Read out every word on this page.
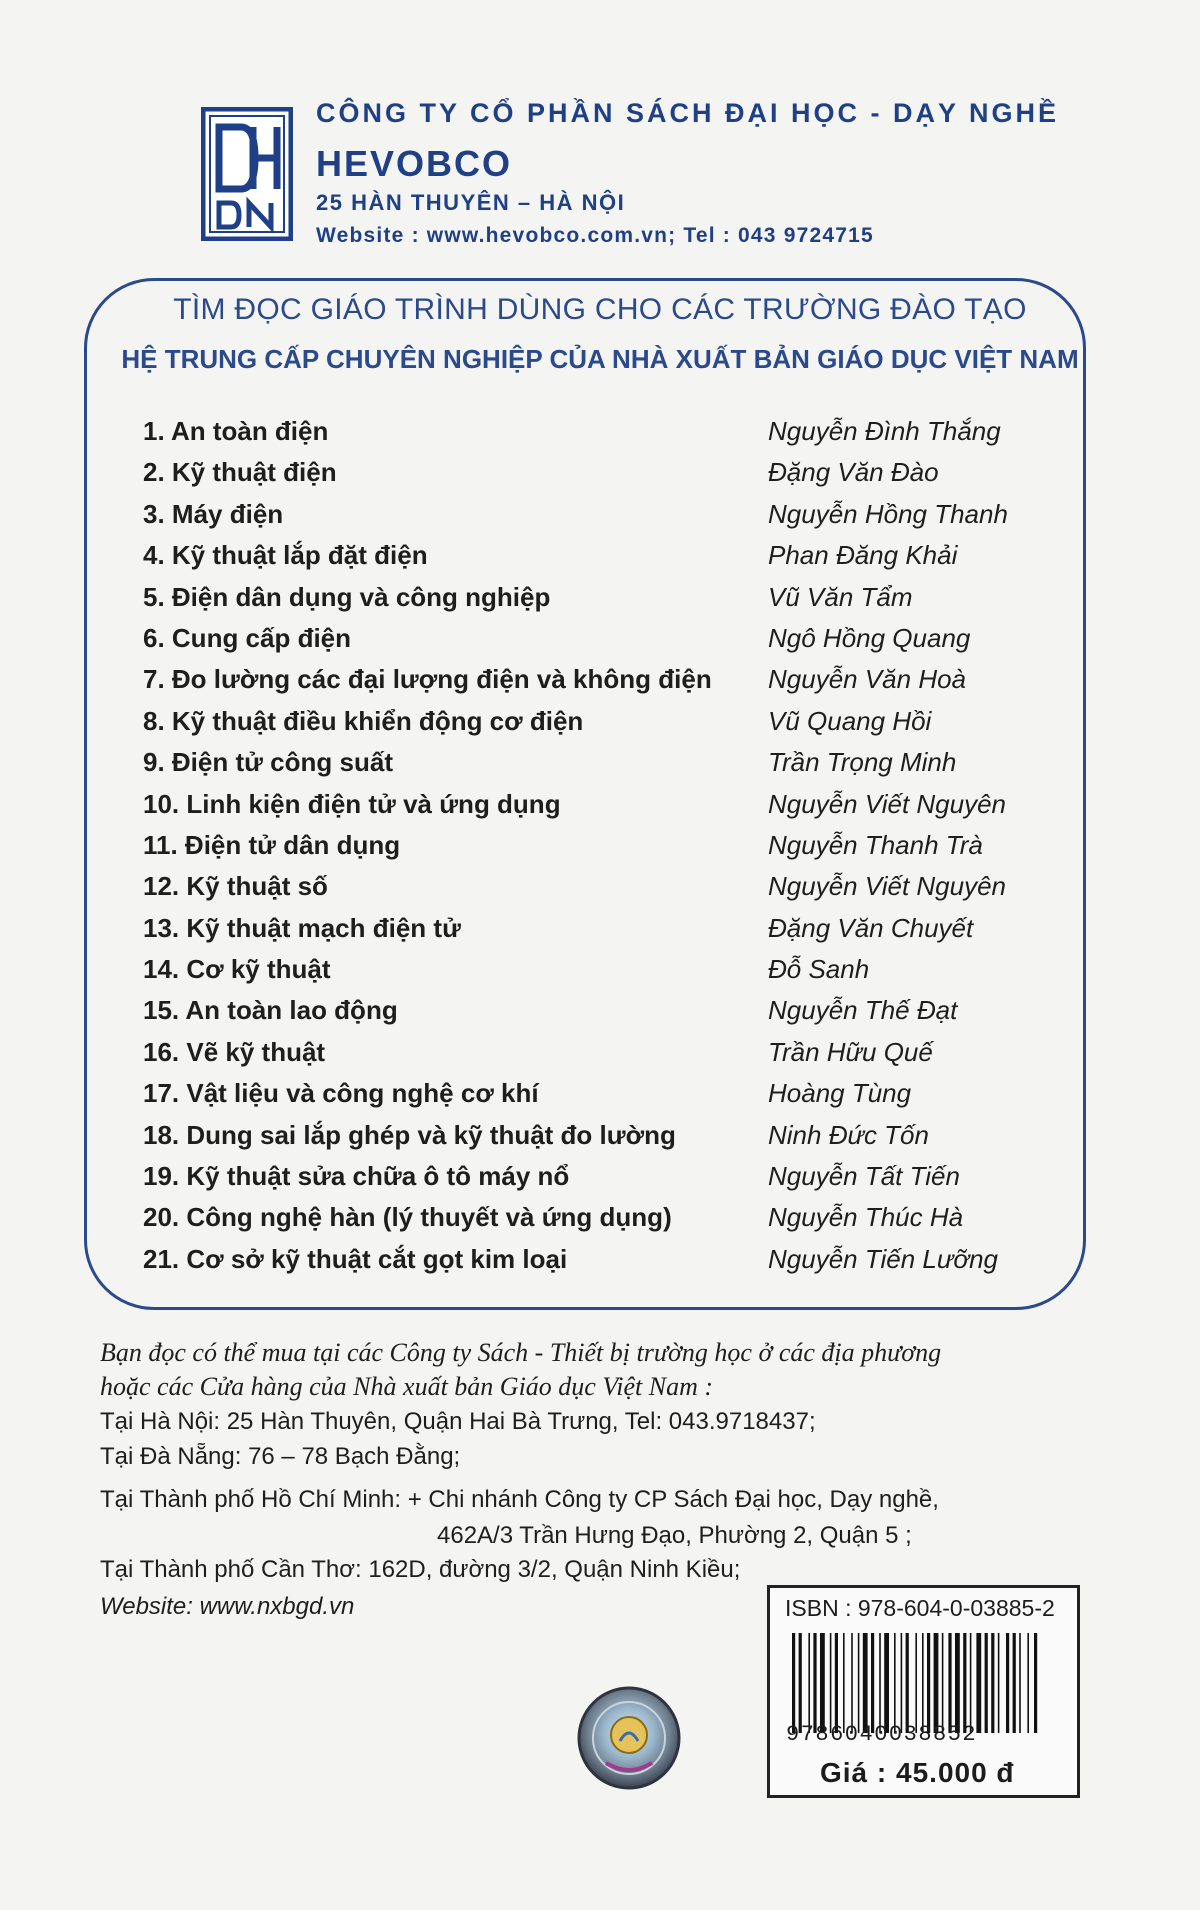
CÔNG TY CỔ PHẦN SÁCH ĐẠI HỌC - DẠY NGHỀ
HEVOBCO
25 HÀN THUYÊN – HÀ NỘI
Website : www.hevobco.com.vn; Tel : 043 9724715
TÌM ĐỌC GIÁO TRÌNH DÙNG CHO CÁC TRƯỜNG ĐÀO TẠO
HỆ TRUNG CẤP CHUYÊN NGHIỆP CỦA NHÀ XUẤT BẢN GIÁO DỤC VIỆT NAM
1. An toàn điện	Nguyễn Đình Thắng
2. Kỹ thuật điện	Đặng Văn Đào
3. Máy điện	Nguyễn Hồng Thanh
4. Kỹ thuật lắp đặt điện	Phan Đăng Khải
5. Điện dân dụng và công nghiệp	Vũ Văn Tẩm
6. Cung cấp điện	Ngô Hồng Quang
7. Đo lường các đại lượng điện và không điện Nguyễn Văn Hoà
8. Kỹ thuật điều khiển động cơ điện	Vũ Quang Hồi
9. Điện tử công suất	Trần Trọng Minh
10. Linh kiện điện tử và ứng dụng	Nguyễn Viết Nguyên
11. Điện tử dân dụng	Nguyễn Thanh Trà
12. Kỹ thuật số	Nguyễn Viết Nguyên
13. Kỹ thuật mạch điện tử	Đặng Văn Chuyết
14. Cơ kỹ thuật	Đỗ Sanh
15. An toàn lao động	Nguyễn Thế Đạt
16. Vẽ kỹ thuật	Trần Hữu Quế
17. Vật liệu và công nghệ cơ khí	Hoàng Tùng
18. Dung sai lắp ghép và kỹ thuật đo lường	Ninh Đức Tốn
19. Kỹ thuật sửa chữa ô tô máy nổ	Nguyễn Tất Tiến
20. Công nghệ hàn (lý thuyết và ứng dụng)	Nguyễn Thúc Hà
21. Cơ sở kỹ thuật cắt gọt kim loại	Nguyễn Tiến Lưỡng
Bạn đọc có thể mua tại các Công ty Sách - Thiết bị trường học ở các địa phương
hoặc các Cửa hàng của Nhà xuất bản Giáo dục Việt Nam :
Tại Hà Nội: 25 Hàn Thuyên, Quận Hai Bà Trưng, Tel: 043.9718437;
Tại Đà Nẵng: 76 – 78 Bạch Đằng;
Tại Thành phố Hồ Chí Minh: + Chi nhánh Công ty CP Sách Đại học, Dạy nghề,
462A/3 Trần Hưng Đạo, Phường 2, Quận 5 ;
Tại Thành phố Cần Thơ: 162D, đường 3/2, Quận Ninh Kiều;
Website: www.nxbgd.vn	ISBN : 978-604-0-03885-2
9786040038852
Giá : 45.000 đ
